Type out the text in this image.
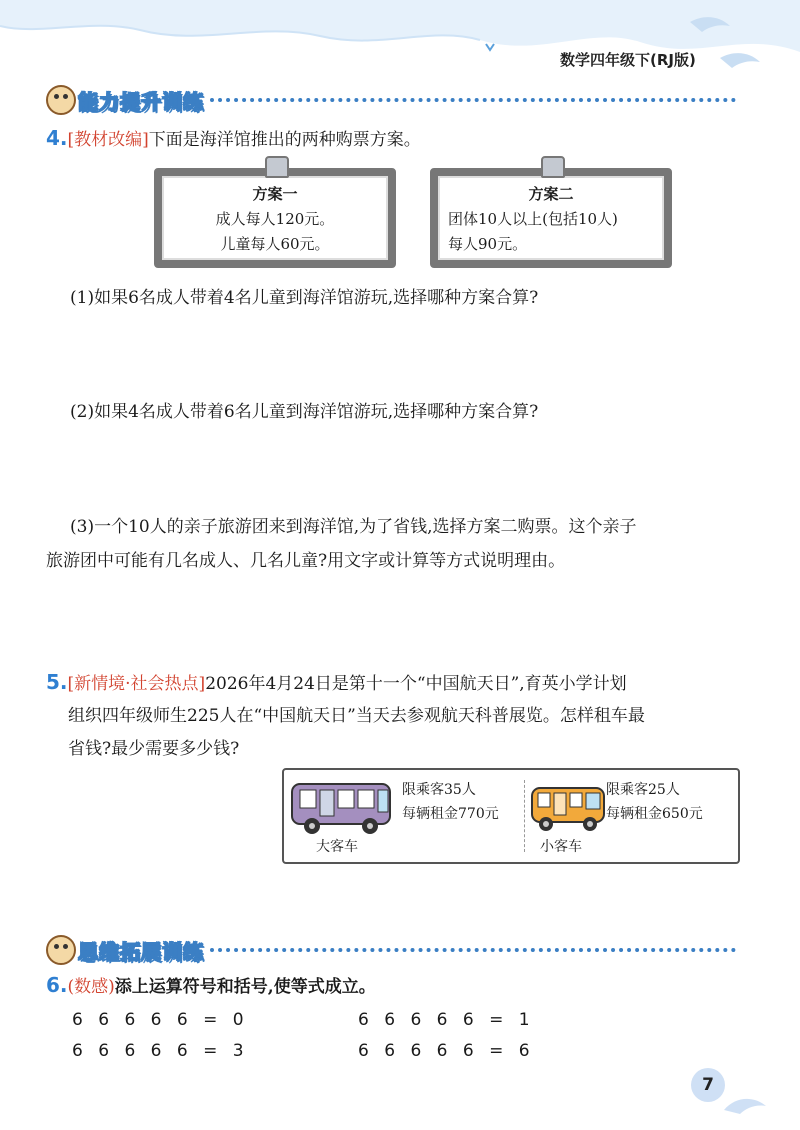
数学四年级下(RJ版)
能力提升训练
4.[教材改编]下面是海洋馆推出的两种购票方案。
方案一
成人每人120元。
儿童每人60元。
方案二
团体10人以上(包括10人)
每人90元。
(1)如果6名成人带着4名儿童到海洋馆游玩,选择哪种方案合算?
(2)如果4名成人带着6名儿童到海洋馆游玩,选择哪种方案合算?
(3)一个10人的亲子旅游团来到海洋馆,为了省钱,选择方案二购票。这个亲子
旅游团中可能有几名成人、几名儿童?用文字或计算等方式说明理由。
5.[新情境·社会热点]2026年4月24日是第十一个“中国航天日”,育英小学计划
组织四年级师生225人在“中国航天日”当天去参观航天科普展览。怎样租车最
省钱?最少需要多少钱?
限乘客35人
每辆租金770元
大客车
限乘客25人
每辆租金650元
小客车
思维拓展训练
6.(数感)添上运算符号和括号,使等式成立。
6 6 6 6 6 = 0	6 6 6 6 6 = 1
6 6 6 6 6 = 3	6 6 6 6 6 = 6
7
